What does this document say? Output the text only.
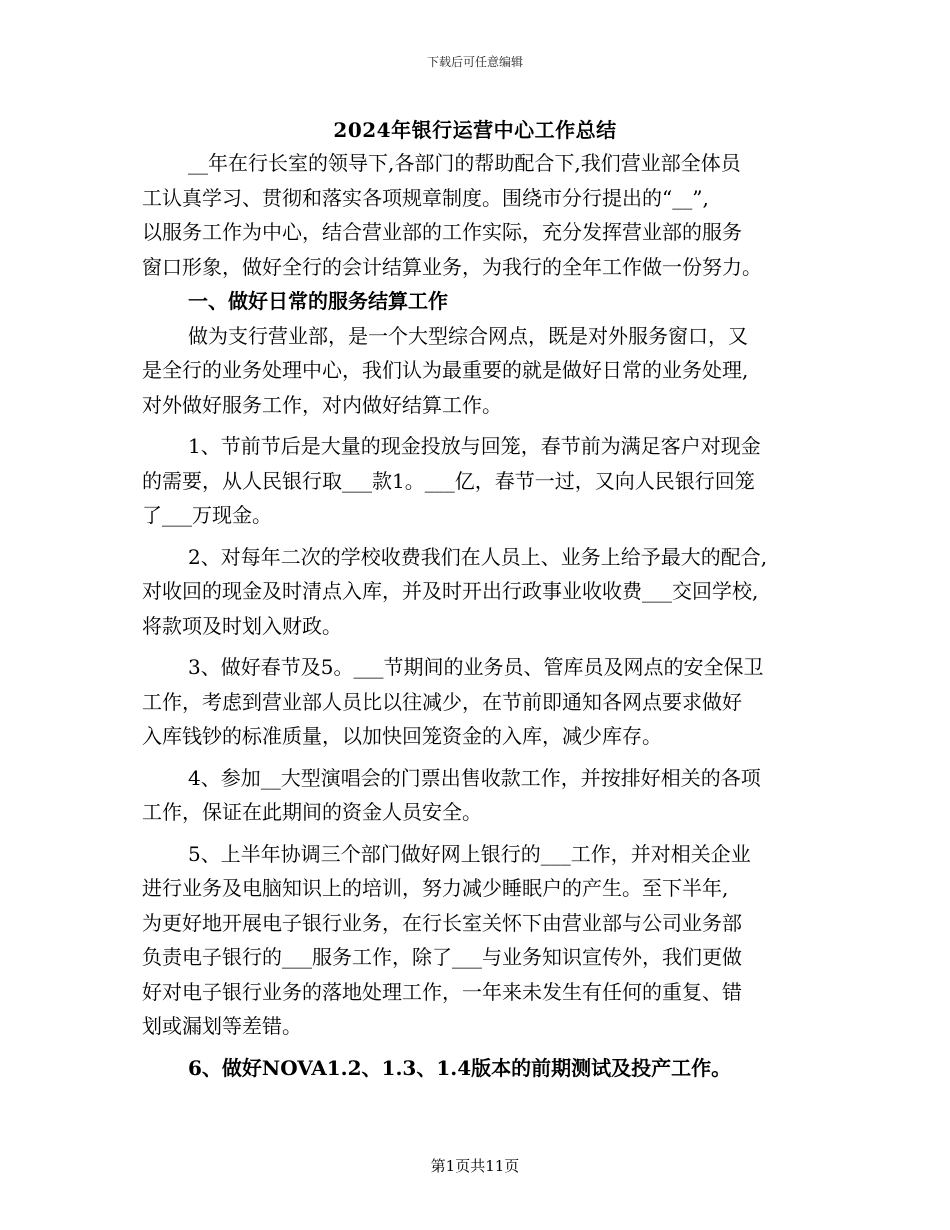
下载后可任意编辑
2024年银行运营中心工作总结
__年在行长室的领导下,各部门的帮助配合下,我们营业部全体员
工认真学习、贯彻和落实各项规章制度。围绕市分行提出的“__”,
以服务工作为中心，结合营业部的工作实际，充分发挥营业部的服务
窗口形象，做好全行的会计结算业务，为我行的全年工作做一份努力。
一、做好日常的服务结算工作
做为支行营业部，是一个大型综合网点，既是对外服务窗口，又
是全行的业务处理中心，我们认为最重要的就是做好日常的业务处理,
对外做好服务工作，对内做好结算工作。
1、节前节后是大量的现金投放与回笼，春节前为满足客户对现金
的需要，从人民银行取___款1。___亿，春节一过，又向人民银行回笼
了___万现金。
2、对每年二次的学校收费我们在人员上、业务上给予最大的配合,
对收回的现金及时清点入库，并及时开出行政事业收收费___交回学校,
将款项及时划入财政。
3、做好春节及5。___节期间的业务员、管库员及网点的安全保卫
工作，考虑到营业部人员比以往减少，在节前即通知各网点要求做好
入库钱钞的标准质量，以加快回笼资金的入库，减少库存。
4、参加__大型演唱会的门票出售收款工作，并按排好相关的各项
工作，保证在此期间的资金人员安全。
5、上半年协调三个部门做好网上银行的___工作，并对相关企业
进行业务及电脑知识上的培训，努力减少睡眠户的产生。至下半年,
为更好地开展电子银行业务，在行长室关怀下由营业部与公司业务部
负责电子银行的___服务工作，除了___与业务知识宣传外，我们更做
好对电子银行业务的落地处理工作，一年来未发生有任何的重复、错
划或漏划等差错。
6、做好NOVA1.2、1.3、1.4版本的前期测试及投产工作。
第1页共11页
